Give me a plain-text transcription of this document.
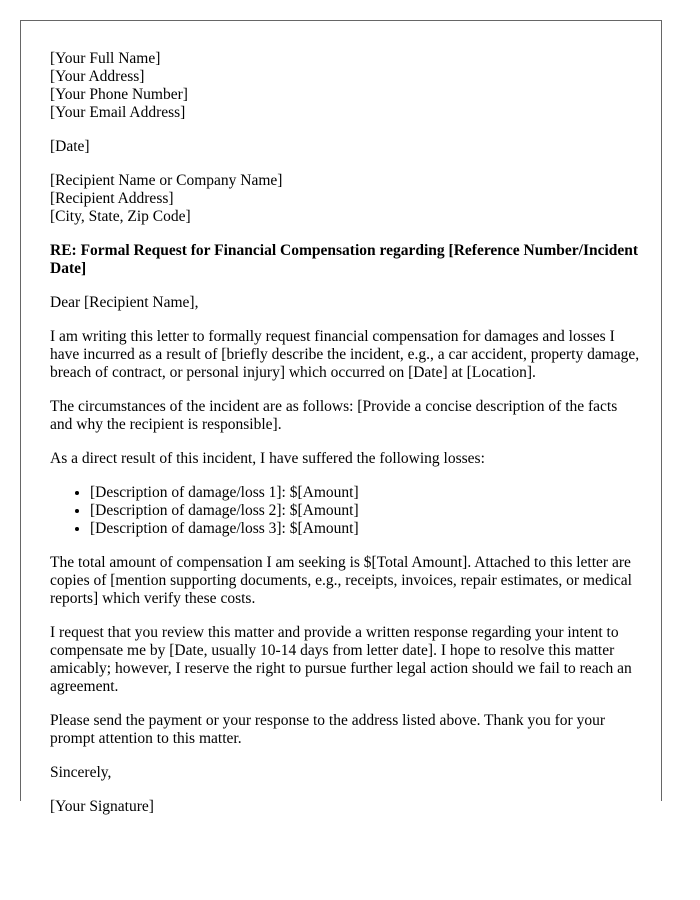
[Your Full Name]
[Your Address]
[Your Phone Number]
[Your Email Address]

[Date]

[Recipient Name or Company Name]
[Recipient Address]
[City, State, Zip Code]

RE: Formal Request for Financial Compensation regarding [Reference Number/Incident Date]

Dear [Recipient Name],

I am writing this letter to formally request financial compensation for damages and losses I have incurred as a result of [briefly describe the incident, e.g., a car accident, property damage, breach of contract, or personal injury] which occurred on [Date] at [Location].

The circumstances of the incident are as follows: [Provide a concise description of the facts and why the recipient is responsible].

As a direct result of this incident, I have suffered the following losses:

• [Description of damage/loss 1]: $[Amount]
• [Description of damage/loss 2]: $[Amount]
• [Description of damage/loss 3]: $[Amount]

The total amount of compensation I am seeking is $[Total Amount]. Attached to this letter are copies of [mention supporting documents, e.g., receipts, invoices, repair estimates, or medical reports] which verify these costs.

I request that you review this matter and provide a written response regarding your intent to compensate me by [Date, usually 10-14 days from letter date]. I hope to resolve this matter amicably; however, I reserve the right to pursue further legal action should we fail to reach an agreement.

Please send the payment or your response to the address listed above. Thank you for your prompt attention to this matter.

Sincerely,

[Your Signature]
